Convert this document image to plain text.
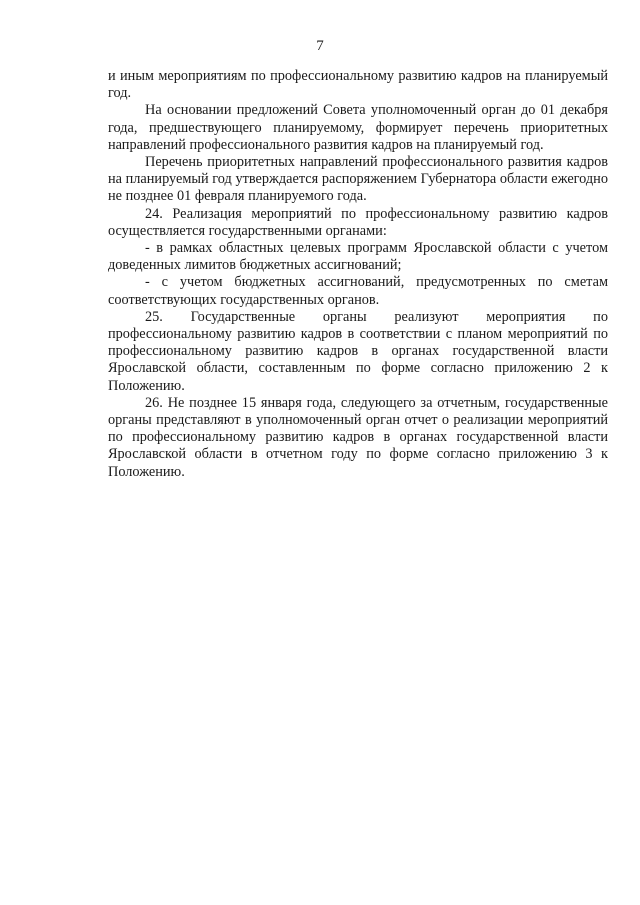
7

и иным мероприятиям по профессиональному развитию кадров на планируемый год.

На основании предложений Совета уполномоченный орган до 01 декабря года, предшествующего планируемому, формирует перечень приоритетных направлений профессионального развития кадров на планируемый год.

Перечень приоритетных направлений профессионального развития кадров на планируемый год утверждается распоряжением Губернатора области ежегодно не позднее 01 февраля планируемого года.

24. Реализация мероприятий по профессиональному развитию кадров осуществляется государственными органами:

- в рамках областных целевых программ Ярославской области с учетом доведенных лимитов бюджетных ассигнований;

- с учетом бюджетных ассигнований, предусмотренных по сметам соответствующих государственных органов.

25. Государственные органы реализуют мероприятия по профессиональному развитию кадров в соответствии с планом мероприятий по профессиональному развитию кадров в органах государственной власти Ярославской области, составленным по форме согласно приложению 2 к Положению.

26. Не позднее 15 января года, следующего за отчетным, государственные органы представляют в уполномоченный орган отчет о реализации мероприятий по профессиональному развитию кадров в органах государственной власти Ярославской области в отчетном году по форме согласно приложению 3 к Положению.
